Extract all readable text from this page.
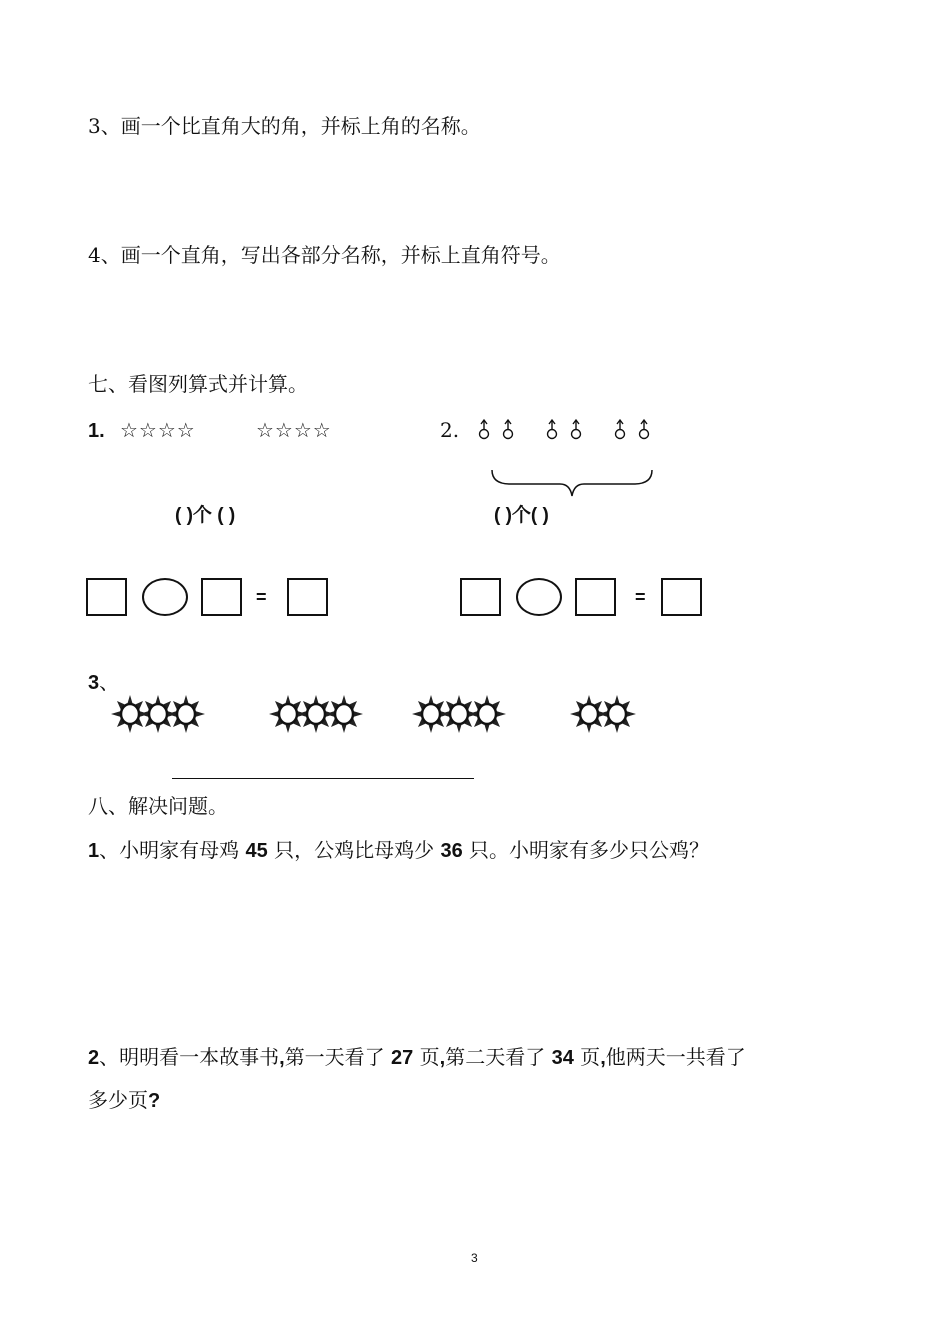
3、画一个比直角大的角，并标上角的名称。
4、画一个直角，写出各部分名称，并标上直角符号。
七、看图列算式并计算。
1. ☆☆☆☆	☆☆☆☆
( )个 ( )
2.
( )个( )
=	=
3、
八、解决问题。
1、小明家有母鸡 45 只，公鸡比母鸡少 36 只。小明家有多少只公鸡？
2、明明看一本故事书,第一天看了 27 页,第二天看了 34 页,他两天一共看了
多少页?
3
